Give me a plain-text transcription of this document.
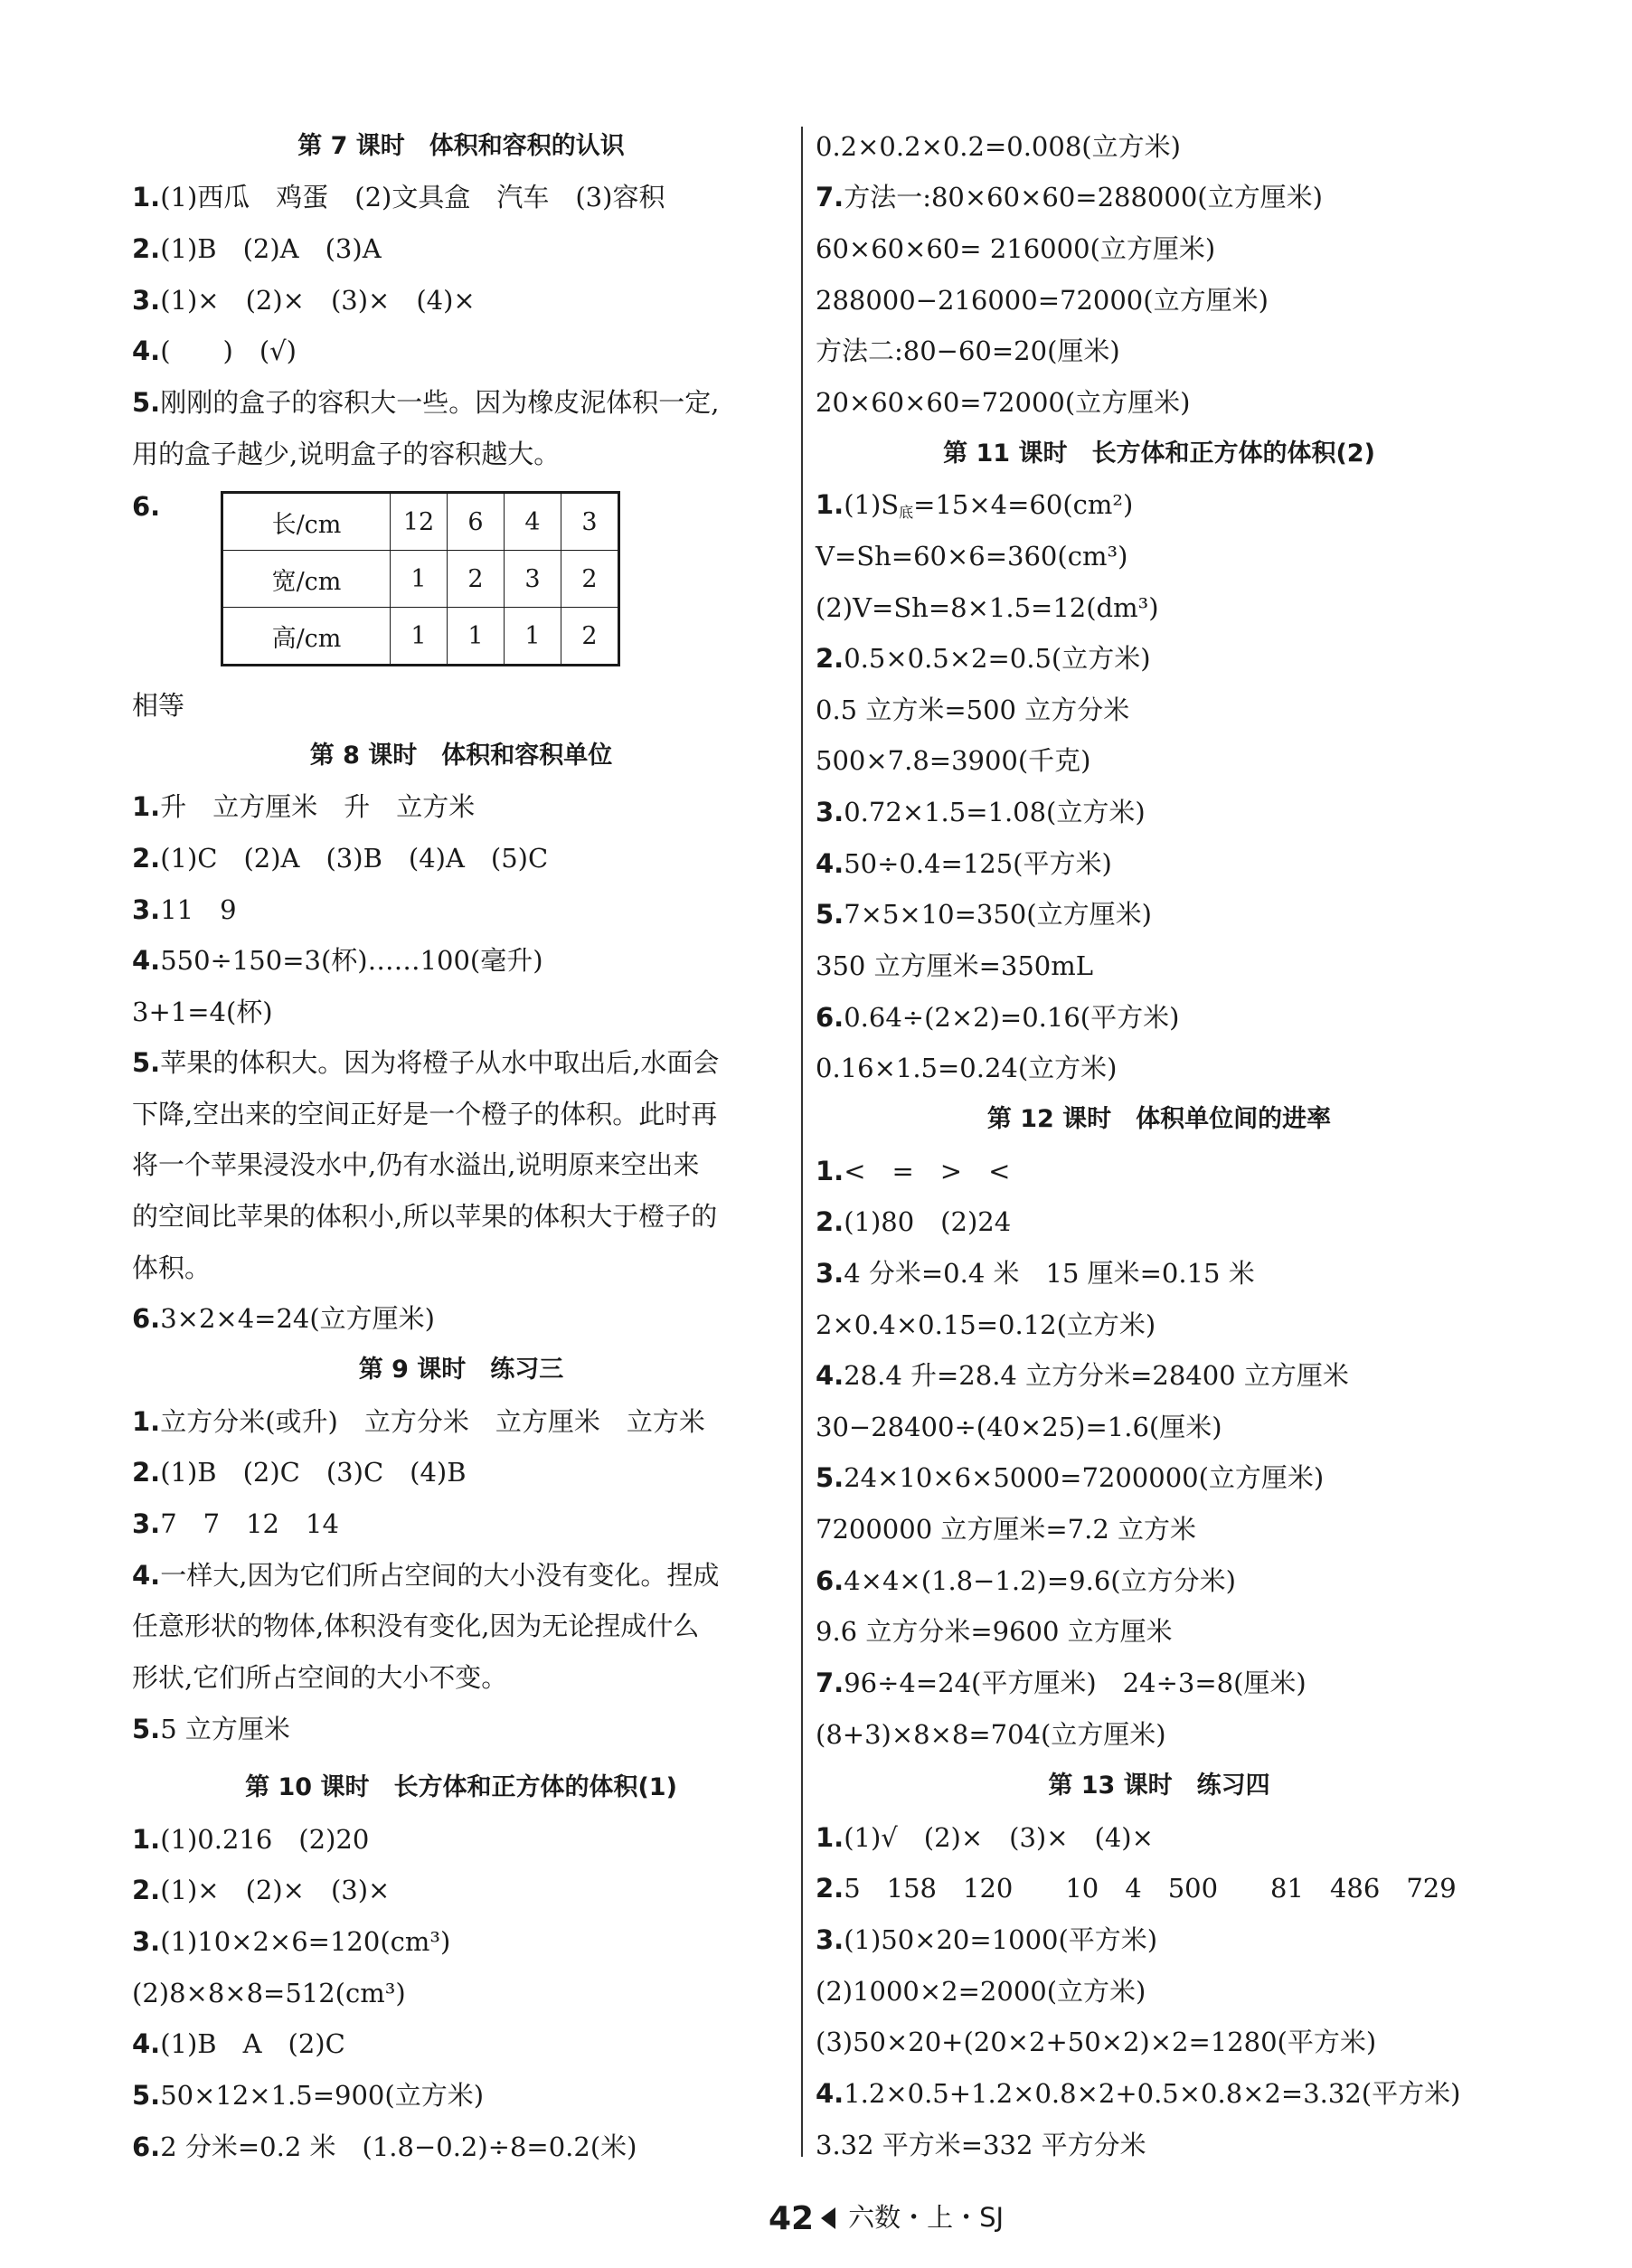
第 7 课时　体积和容积的认识
1.(1)西瓜　鸡蛋　(2)文具盒　汽车　(3)容积
2.(1)B　(2)A　(3)A
3.(1)×　(2)×　(3)×　(4)×
4.(　　)　(√)
5.刚刚的盒子的容积大一些。因为橡皮泥体积一定,
用的盒子越少,说明盒子的容积越大。
6.
长/cm	12	6	4	3
宽/cm	1	2	3	2
高/cm	1	1	1	2
相等
第 8 课时　体积和容积单位
1.升　立方厘米　升　立方米
2.(1)C　(2)A　(3)B　(4)A　(5)C
3.11　9
4.550÷150=3(杯)……100(毫升)
3+1=4(杯)
5.苹果的体积大。因为将橙子从水中取出后,水面会
下降,空出来的空间正好是一个橙子的体积。此时再
将一个苹果浸没水中,仍有水溢出,说明原来空出来
的空间比苹果的体积小,所以苹果的体积大于橙子的
体积。
6.3×2×4=24(立方厘米)
第 9 课时　练习三
1.立方分米(或升)　立方分米　立方厘米　立方米
2.(1)B　(2)C　(3)C　(4)B
3.7　7　12　14
4.一样大,因为它们所占空间的大小没有变化。捏成
任意形状的物体,体积没有变化,因为无论捏成什么
形状,它们所占空间的大小不变。
5.5 立方厘米
第 10 课时　长方体和正方体的体积(1)
1.(1)0.216　(2)20
2.(1)×　(2)×　(3)×
3.(1)10×2×6=120(cm³)
(2)8×8×8=512(cm³)
4.(1)B　A　(2)C
5.50×12×1.5=900(立方米)
6.2 分米=0.2 米　(1.8−0.2)÷8=0.2(米)
0.2×0.2×0.2=0.008(立方米)
7.方法一:80×60×60=288000(立方厘米)
60×60×60= 216000(立方厘米)
288000−216000=72000(立方厘米)
方法二:80−60=20(厘米)
20×60×60=72000(立方厘米)
第 11 课时　长方体和正方体的体积(2)
$1.(1)S_底=15\times 4=60(cm^2)$
V=Sh=60×6=360(cm³)
(2)V=Sh=8×1.5=12(dm³)
2.0.5×0.5×2=0.5(立方米)
0.5 立方米=500 立方分米
500×7.8=3900(千克)
3.0.72×1.5=1.08(立方米)
4.50÷0.4=125(平方米)
5.7×5×10=350(立方厘米)
350 立方厘米=350mL
6.0.64÷(2×2)=0.16(平方米)
0.16×1.5=0.24(立方米)
第 12 课时　体积单位间的进率
1.<　=　>　<
2.(1)80　(2)24
3.4 分米=0.4 米　15 厘米=0.15 米
2×0.4×0.15=0.12(立方米)
4.28.4 升=28.4 立方分米=28400 立方厘米
30−28400÷(40×25)=1.6(厘米)
5.24×10×6×5000=7200000(立方厘米)
7200000 立方厘米=7.2 立方米
6.4×4×(1.8−1.2)=9.6(立方分米)
9.6 立方分米=9600 立方厘米
7.96÷4=24(平方厘米)　24÷3=8(厘米)
(8+3)×8×8=704(立方厘米)
第 13 课时　练习四
1.(1)√　(2)×　(3)×　(4)×
2.5　158　120　　10　4　500　　81　486　729
3.(1)50×20=1000(平方米)
(2)1000×2=2000(立方米)
(3)50×20+(20×2+50×2)×2=1280(平方米)
4.1.2×0.5+1.2×0.8×2+0.5×0.8×2=3.32(平方米)
3.32 平方米=332 平方分米
42 六数・上・SJ
